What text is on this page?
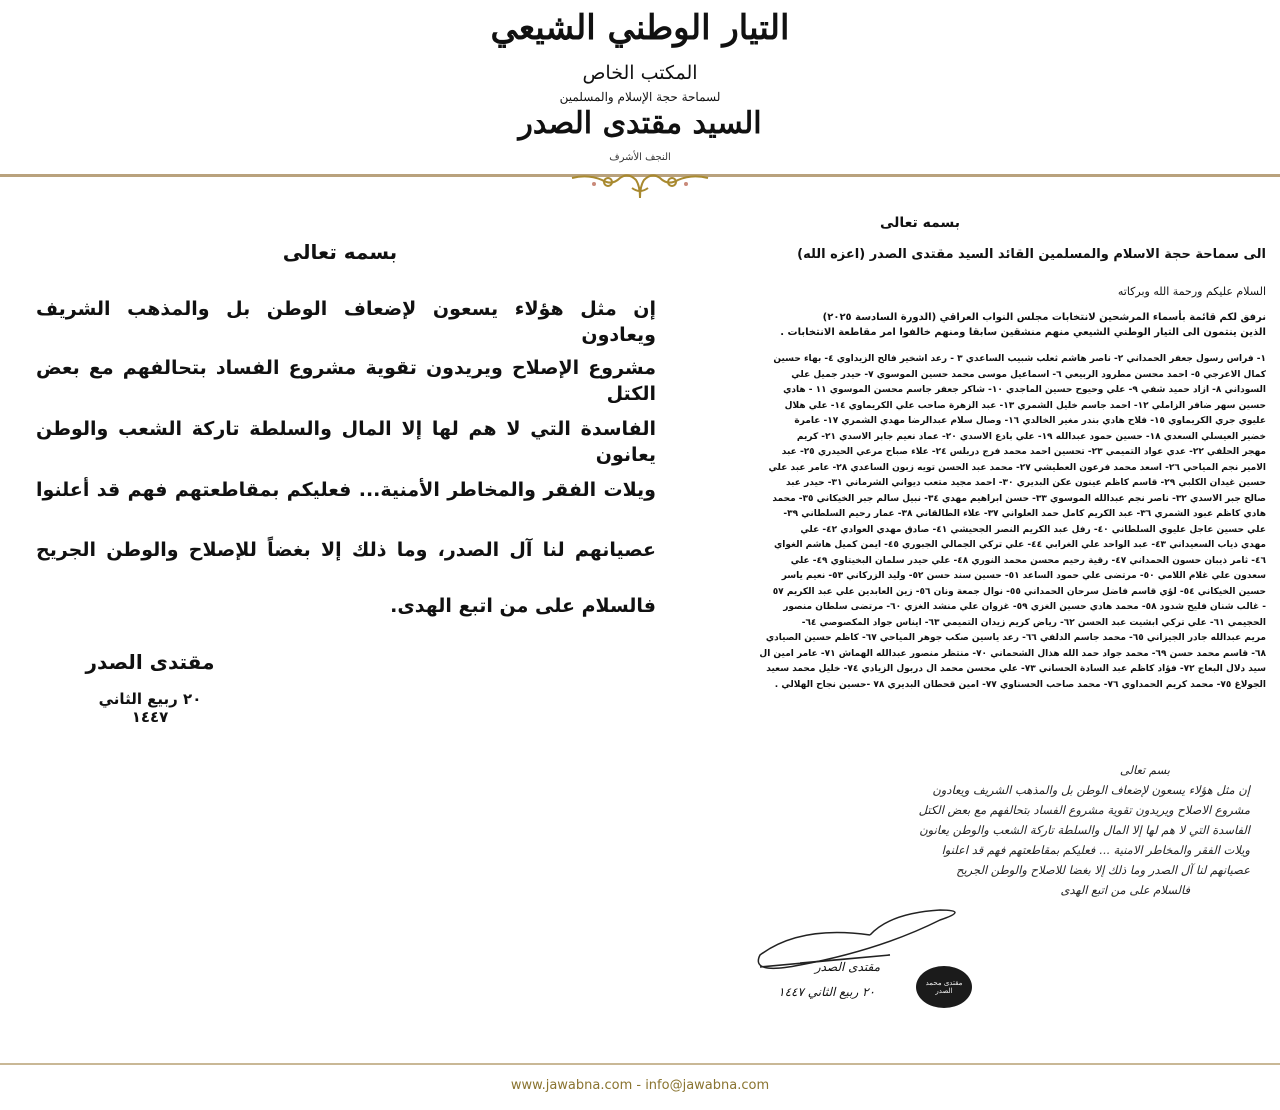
التيار الوطني الشيعي
المكتب الخاص
لسماحة حجة الإسلام والمسلمين
السيد مقتدى الصدر
النجف الأشرف
بسمه تعالى
إن مثل هؤلاء يسعون لإضعاف الوطن بل والمذهب الشريف ويعادون
مشروع الإصلاح ويريدون تقوية مشروع الفساد بتحالفهم مع بعض الكتل
الفاسدة التي لا هم لها إلا المال والسلطة تاركة الشعب والوطن يعانون
ويلات الفقر والمخاطر الأمنية... فعليكم بمقاطعتهم فهم قد أعلنوا
عصيانهم لنا آل الصدر، وما ذلك إلا بغضاً للإصلاح والوطن الجريح
فالسلام على من اتبع الهدى.
مقتدى الصدر
٢٠ ربيع الثاني ١٤٤٧
بسمه تعالى
الى سماحة حجة الاسلام والمسلمين القائد السيد مقتدى الصدر (اعزه الله)
السلام عليكم ورحمة الله وبركاته
نرفق لكم قائمة بأسماء المرشحين لانتخابات مجلس النواب العراقي (الدورة السادسة ٢٠٢٥)
الذين ينتمون الى التيار الوطني الشيعي منهم منشقين سابقا ومنهم خالفوا امر مقاطعة الانتخابات .
١- فراس رسول جعفر الحمداني ٢- ناصر هاشم ثعلب شبيب الساعدي ٣ - رعد اشخير فالح الزيداوي ٤- بهاء حسين
كمال الاعرجي ٥- احمد محسن مطرود الربيعي ٦- اسماعيل موسى محمد حسين الموسوي ٧- حيدر جميل علي
السوداني ٨- ازاد حميد شفي ٩- علي وحيوح حسين الماجدي ١٠- شاكر جعفر جاسم محسن الموسوي ١١ - هادي
حسين سهر ضافر الزاملي ١٢- احمد جاسم خليل الشمري ١٣- عبد الزهرة صاحب علي الكريماوي ١٤- علي هلال
عليوي جري الكريماوي ١٥- فلاح هادي بندر مغير الخالدي ١٦- وصال سلام عبدالرضا مهدي الشمري ١٧- عامرة
خضير العيسلي السعدي ١٨- حسين حمود عبدالله ١٩- علي بادع الاسدي ٢٠- عماد نعيم جابر الاسدي ٢١- كريم
مهجر الحلفي ٢٢- عدي عواد التميمي ٢٣- تحسين احمد محمد فرج دربلس ٢٤- علاء صباح مرعي الحيدري ٢٥- عبد
الامير نجم المياحي ٢٦- اسعد محمد فرعون العطيشي ٢٧- محمد عبد الحسن تويه زبون الساعدي ٢٨- عامر عبد علي
حسين غيدان الكلبي ٢٩- قاسم كاظم عينون عكن البديري ٣٠- احمد مجيد متعب ديواني الشرماني ٣١- حيدر عبد
صالح جبر الاسدي ٣٢- ناصر نجم عبدالله الموسوي ٣٣- حسن ابراهيم مهدي ٣٤- نبيل سالم جبر الخيكاني ٣٥- محمد
هادي كاظم عبود الشمري ٣٦- عبد الكريم كامل حمد العلواني ٣٧- علاء الطالقاني ٣٨- عمار رحيم السلطاني ٣٩-
علي حسين عاجل عليوي السلطاني ٤٠- رفل عبد الكريم النصر الجحيشي ٤١- صادق مهدي العوادي ٤٢- علي
مهدي ذياب السعيداني ٤٣- عبد الواحد علي الغرابي ٤٤- علي تركي الجمالي الجبوري ٤٥- ايمن كميل هاشم الغواي
٤٦- ثامر ذيبان حسون الحمداني ٤٧- رقية رحيم محسن محمد النوري ٤٨- علي حيدر سلمان البخيتاوي ٤٩- علي
سعدون علي غلام اللامي ٥٠- مرتضى علي حمود الساعد ٥١- حسين سند حسن ٥٢- وليد الزركاني ٥٣- نعيم ياسر
حسين الخيكاني ٥٤- لؤي قاسم فاضل سرحان الحمداني ٥٥- نوال جمعة ونان ٥٦- زين العابدين علي عبد الكريم ٥٧
- غالب شنان فليح شدود ٥٨- محمد هادي حسين الغزي ٥٩- غزوان علي منشد الغزي ٦٠- مرتضى سلطان منصور
الحجيمي ٦١- علي تركي ابشيت عبد الحسن ٦٢- رياض كريم زيدان التميمي ٦٣- ايناس جواد المكصوصي ٦٤-
مريم عبدالله جادر الجيزاني ٦٥- محمد جاسم الدلفي ٦٦- رعد ياسين صكب جوهر المياحي ٦٧- كاظم حسين الصيادي
٦٨- قاسم محمد حسن ٦٩- محمد جواد حمد الله هذال الشحماني ٧٠- منتظر منصور عبدالله الهماش ٧١- عامر امين ال
سيد دلال البعاج ٧٢- فؤاد كاظم عبد السادة الحساني ٧٣- علي محسن محمد ال دربول الزيادي ٧٤- خليل محمد سعيد
الجولاغ ٧٥- محمد كريم الحمداوي ٧٦- محمد صاحب الحسناوي ٧٧- امين قحطان البديري ٧٨ -حسين نجاح الهلالي .
بسم تعالى
إن مثل هؤلاء يسعون لإضعاف الوطن بل والمذهب الشريف ويعادون
مشروع الاصلاح ويريدون تقوية مشروع الفساد بتحالفهم مع بعض الكتل
الفاسدة التي لا هم لها إلا المال والسلطة تاركة الشعب والوطن يعانون
ويلات الفقر والمخاطر الامنية ... فعليكم بمقاطعتهم فهم قد اعلنوا
عصيانهم لنا آل الصدر وما ذلك إلا بغضا للاصلاح والوطن الجريح
فالسلام على من اتبع الهدى
مقتدى الصدر
٢٠ ربيع الثاني ١٤٤٧
مقتدى محمد الصدر
www.jawabna.com - info@jawabna.com
